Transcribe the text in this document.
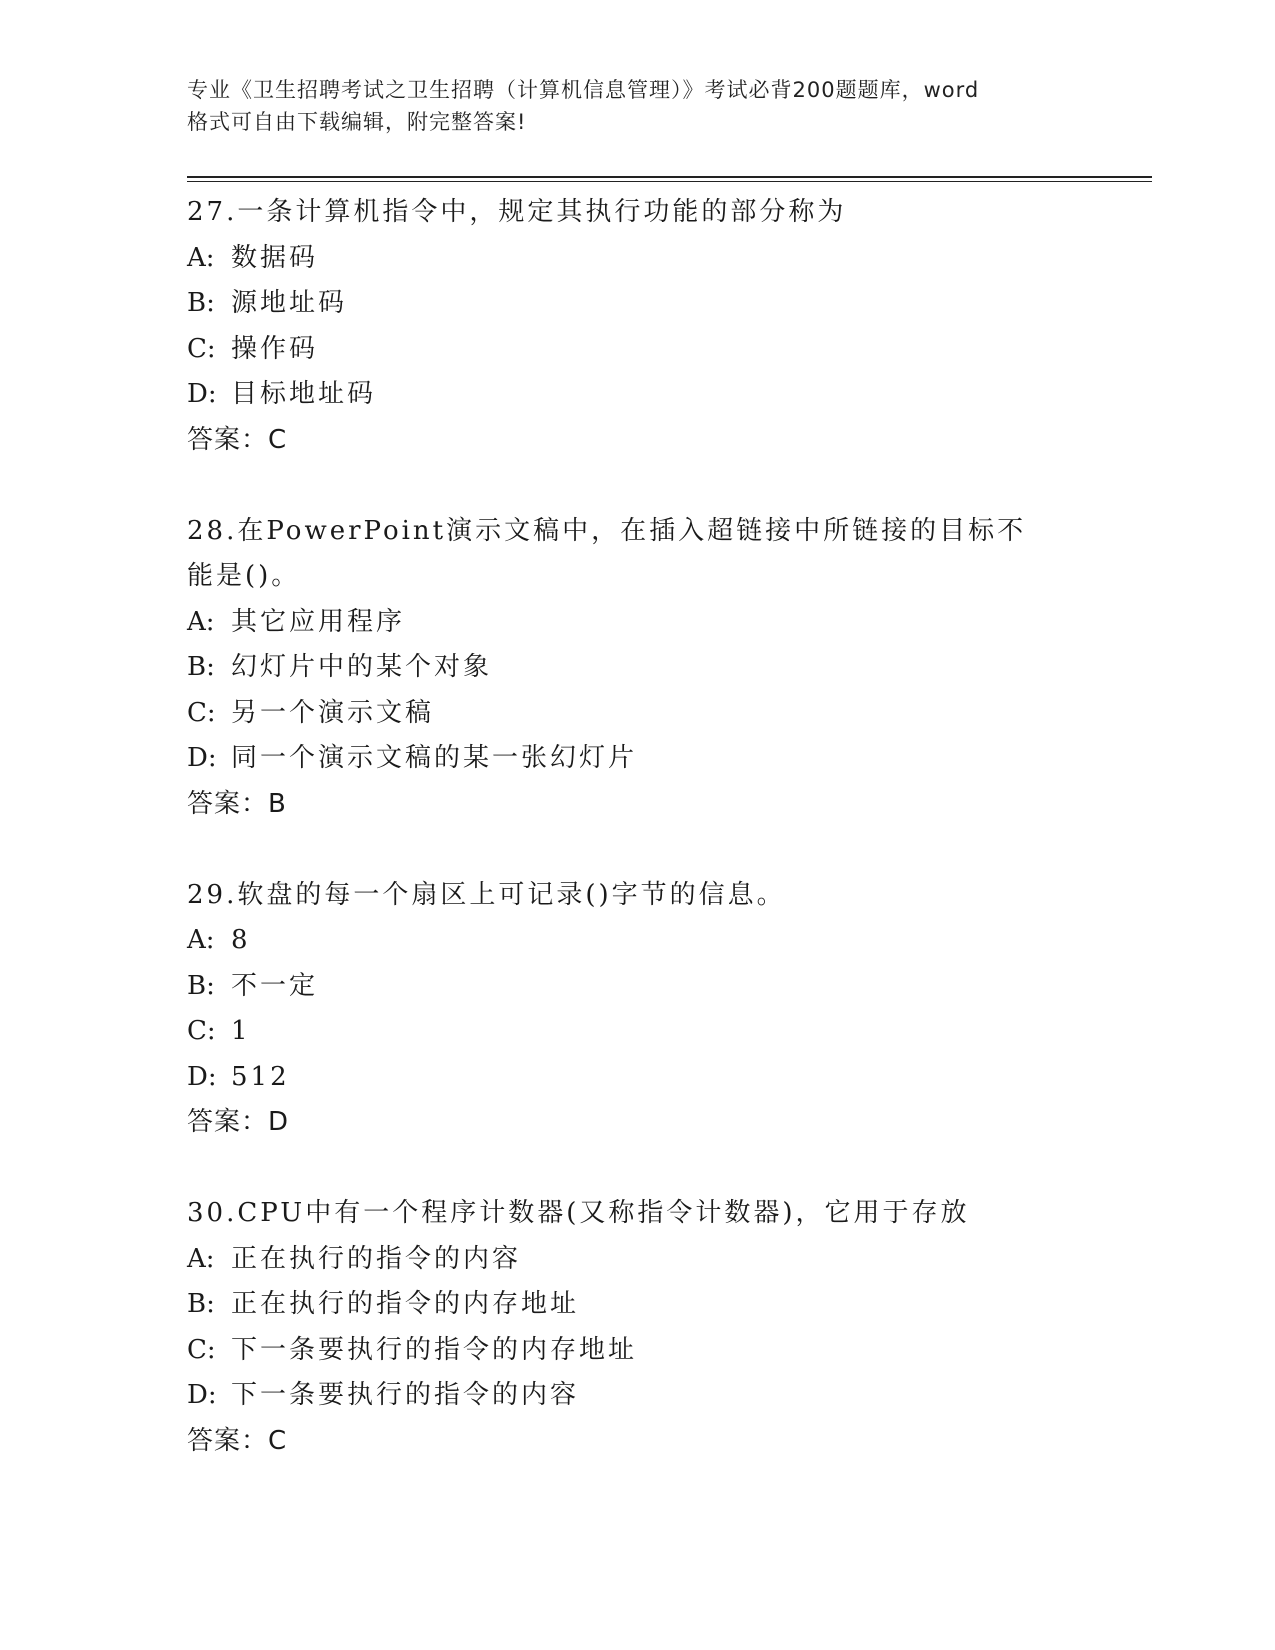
专业《卫生招聘考试之卫生招聘（计算机信息管理）》考试必背200题题库，word
格式可自由下载编辑，附完整答案!

27.一条计算机指令中，规定其执行功能的部分称为

A: 数据码

B: 源地址码

C: 操作码

D: 目标地址码

答案：C

28.在PowerPoint演示文稿中，在插入超链接中所链接的目标不能是()。

A: 其它应用程序

B: 幻灯片中的某个对象

C: 另一个演示文稿

D: 同一个演示文稿的某一张幻灯片

答案：B

29.软盘的每一个扇区上可记录()字节的信息。

A: 8

B: 不一定

C: 1

D: 512

答案：D

30.CPU中有一个程序计数器(又称指令计数器)，它用于存放

A: 正在执行的指令的内容

B: 正在执行的指令的内存地址

C: 下一条要执行的指令的内存地址

D: 下一条要执行的指令的内容

答案：C
